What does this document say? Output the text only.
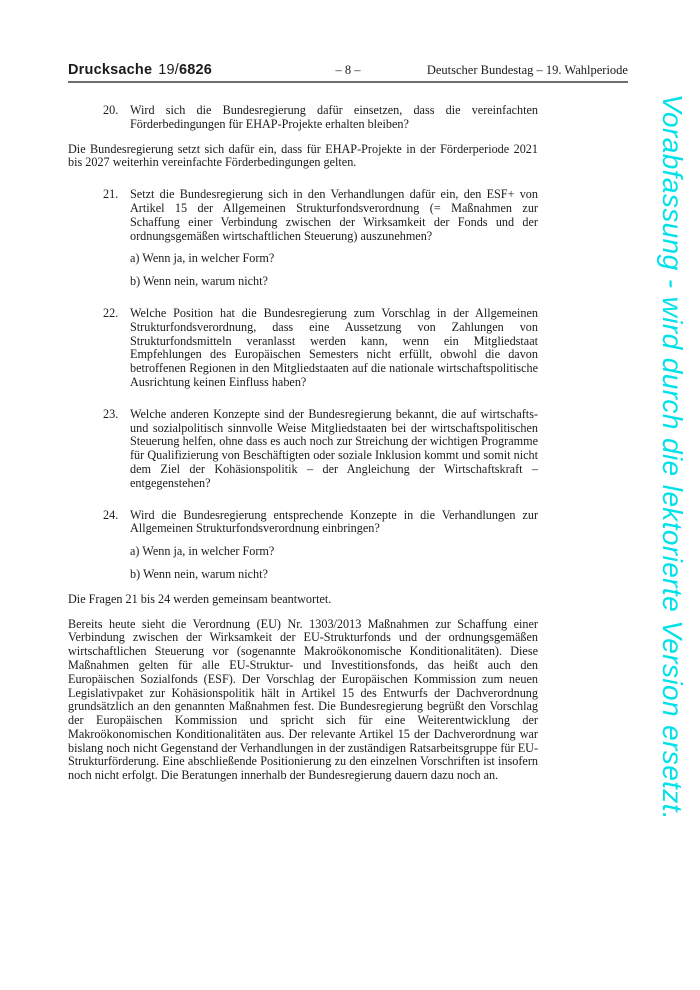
Vorabfassung - wird durch die lektorierte Version ersetzt.
Drucksache 19/6826	– 8 –	Deutscher Bundestag – 19. Wahlperiode
20. Wird sich die Bundesregierung dafür einsetzen, dass die vereinfachten Förderbedingungen für EHAP-Projekte erhalten bleiben?
Die Bundesregierung setzt sich dafür ein, dass für EHAP-Projekte in der Förderperiode 2021 bis 2027 weiterhin vereinfachte Förderbedingungen gelten.
21. Setzt die Bundesregierung sich in den Verhandlungen dafür ein, den ESF+ von Artikel 15 der Allgemeinen Strukturfondsverordnung (= Maßnahmen zur Schaffung einer Verbindung zwischen der Wirksamkeit der Fonds und der ordnungsgemäßen wirtschaftlichen Steuerung) auszunehmen?
a) Wenn ja, in welcher Form?
b) Wenn nein, warum nicht?
22. Welche Position hat die Bundesregierung zum Vorschlag in der Allgemeinen Strukturfondsverordnung, dass eine Aussetzung von Zahlungen von Strukturfondsmitteln veranlasst werden kann, wenn ein Mitgliedstaat Empfehlungen des Europäischen Semesters nicht erfüllt, obwohl die davon betroffenen Regionen in den Mitgliedstaaten auf die nationale wirtschaftspolitische Ausrichtung keinen Einfluss haben?
23. Welche anderen Konzepte sind der Bundesregierung bekannt, die auf wirtschafts- und sozialpolitisch sinnvolle Weise Mitgliedstaaten bei der wirtschaftspolitischen Steuerung helfen, ohne dass es auch noch zur Streichung der wichtigen Programme für Qualifizierung von Beschäftigten oder soziale Inklusion kommt und somit nicht dem Ziel der Kohäsionspolitik – der Angleichung der Wirtschaftskraft – entgegenstehen?
24. Wird die Bundesregierung entsprechende Konzepte in die Verhandlungen zur Allgemeinen Strukturfondsverordnung einbringen?
a) Wenn ja, in welcher Form?
b) Wenn nein, warum nicht?
Die Fragen 21 bis 24 werden gemeinsam beantwortet.
Bereits heute sieht die Verordnung (EU) Nr. 1303/2013 Maßnahmen zur Schaffung einer Verbindung zwischen der Wirksamkeit der EU-Strukturfonds und der ordnungsgemäßen wirtschaftlichen Steuerung vor (sogenannte Makroökonomische Konditionalitäten). Diese Maßnahmen gelten für alle EU-Struktur- und Investitionsfonds, das heißt auch den Europäischen Sozialfonds (ESF). Der Vorschlag der Europäischen Kommission zum neuen Legislativpaket zur Kohäsionspolitik hält in Artikel 15 des Entwurfs der Dachverordnung grundsätzlich an den genannten Maßnahmen fest. Die Bundesregierung begrüßt den Vorschlag der Europäischen Kommission und spricht sich für eine Weiterentwicklung der Makroökonomischen Konditionalitäten aus. Der relevante Artikel 15 der Dachverordnung war bislang noch nicht Gegenstand der Verhandlungen in der zuständigen Ratsarbeitsgruppe für EU-Strukturförderung. Eine abschließende Positionierung zu den einzelnen Vorschriften ist insofern noch nicht erfolgt. Die Beratungen innerhalb der Bundesregierung dauern dazu noch an.
